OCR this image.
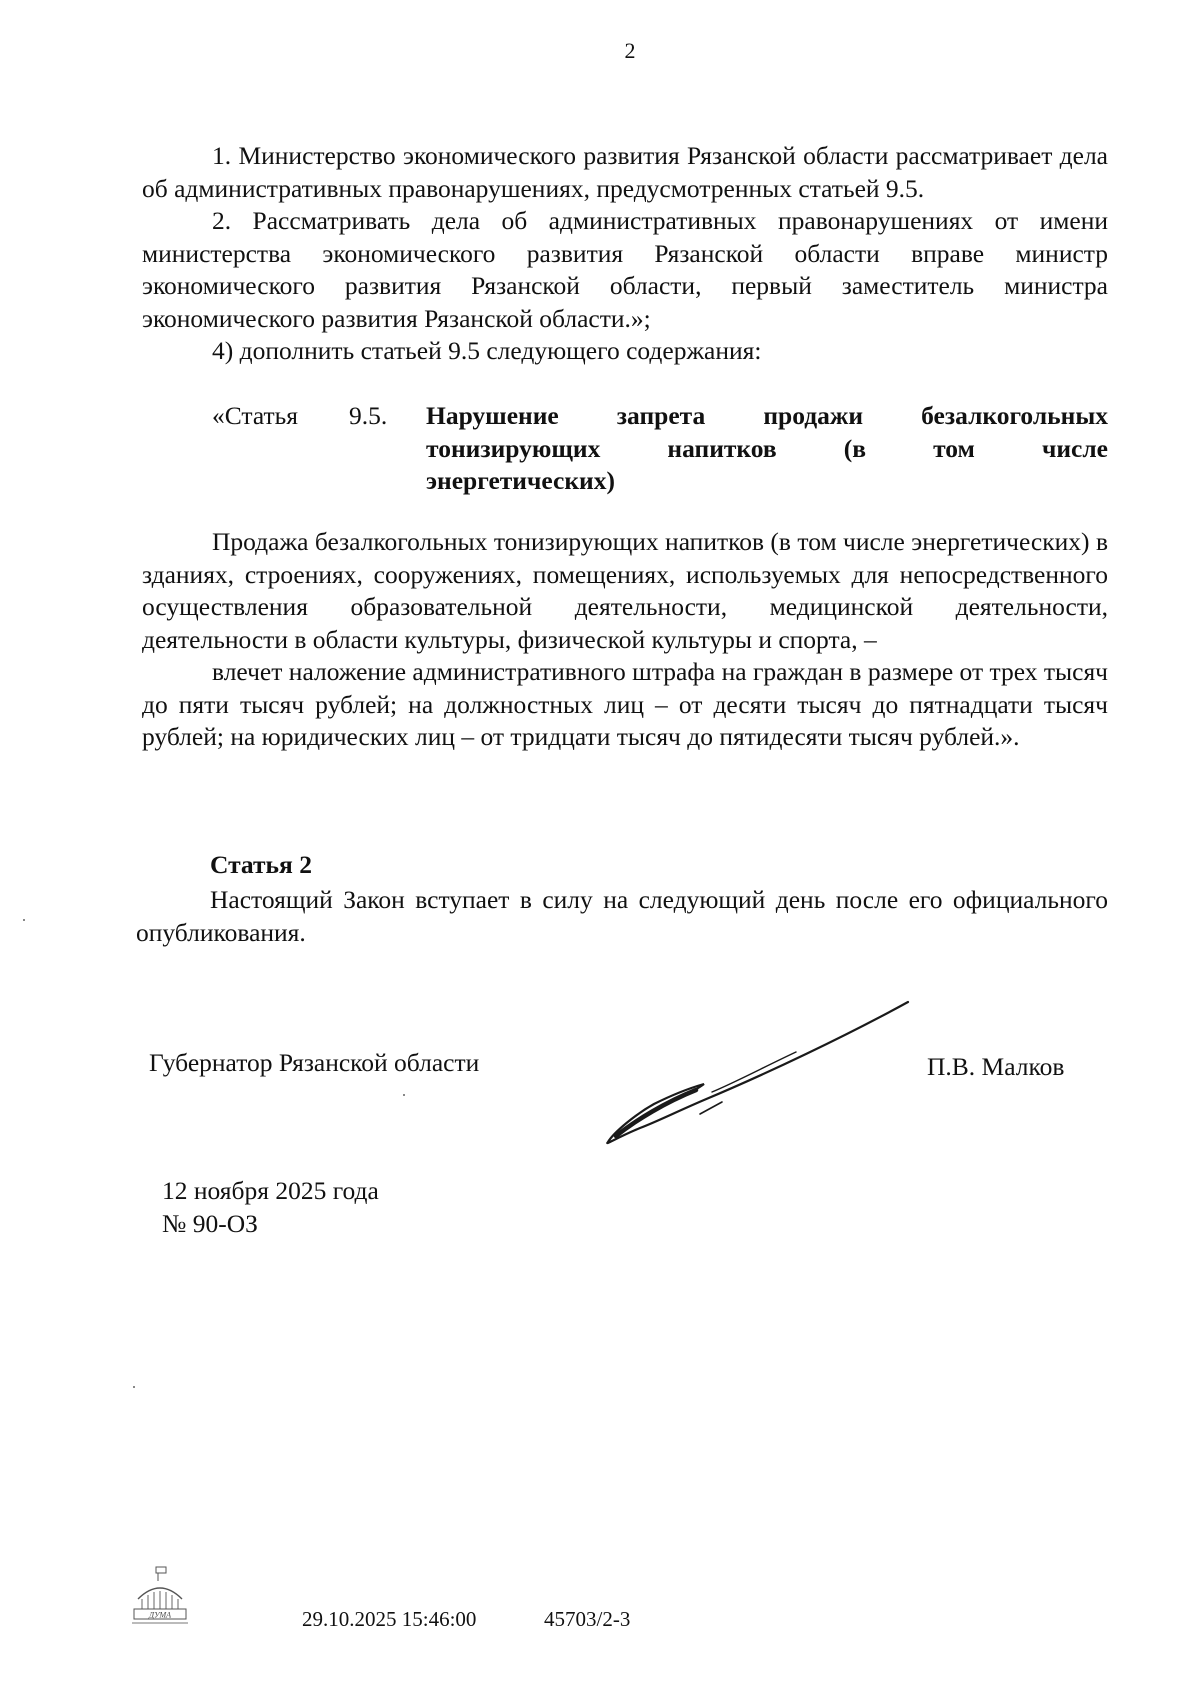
2

1. Министерство экономического развития Рязанской области рассматривает дела об административных правонарушениях, предусмотренных статьей 9.5.

2. Рассматривать дела об административных правонарушениях от имени министерства экономического развития Рязанской области вправе министр экономического развития Рязанской области, первый заместитель министра экономического развития Рязанской области.»;

4) дополнить статьей 9.5 следующего содержания:

«Статья 9.5. Нарушение запрета продажи безалкогольных
тонизирующих напитков (в том числе
энергетических)

Продажа безалкогольных тонизирующих напитков (в том числе энергетических) в зданиях, строениях, сооружениях, помещениях, используемых для непосредственного осуществления образовательной деятельности, медицинской деятельности, деятельности в области культуры, физической культуры и спорта, –

влечет наложение административного штрафа на граждан в размере от трех тысяч до пяти тысяч рублей; на должностных лиц – от десяти тысяч до пятнадцати тысяч рублей; на юридических лиц – от тридцати тысяч до пятидесяти тысяч рублей.».

Статья 2

Настоящий Закон вступает в силу на следующий день после его официального опубликования.

Губернатор Рязанской области	П.В. Малков
12 ноября 2025 года
№ 90-ОЗ
ДУМА	29.10.2025 15:46:00	45703/2-3
